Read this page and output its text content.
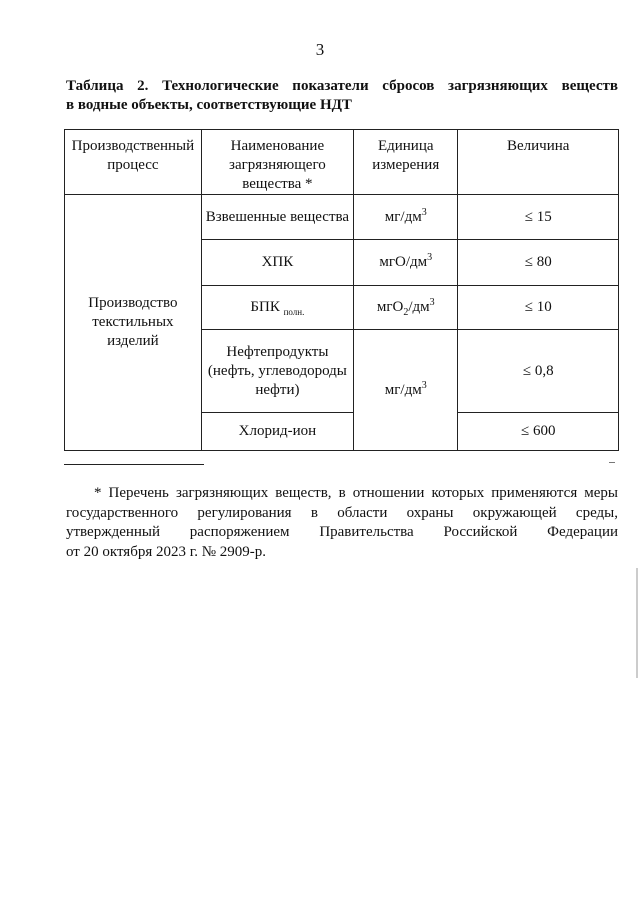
3
Таблица 2. Технологические показатели сбросов загрязняющих веществ
в водные объекты, соответствующие НДТ
Производственный
процесс	Наименование
загрязняющего
вещества *	Единица
измерения	Величина

Производство
текстильных
изделий	Взвешенные вещества	$мг/дм^3$	≤ 15
	ХПК	мгО/$дм^3$	≤ 80
	БПК $_{полн.}$	$мгО_2/дм^3$	≤ 10

	Нефтепродукты
(нефть, углеводороды
нефти)	$мг/дм^3$	≤ 0,8
	Хлорид-ион		≤ 600
* Перечень загрязняющих веществ, в отношении которых применяются меры
государственного регулирования в области охраны окружающей среды,
утвержденный распоряжением Правительства Российской Федерации
от 20 октября 2023 г. № 2909-р.
